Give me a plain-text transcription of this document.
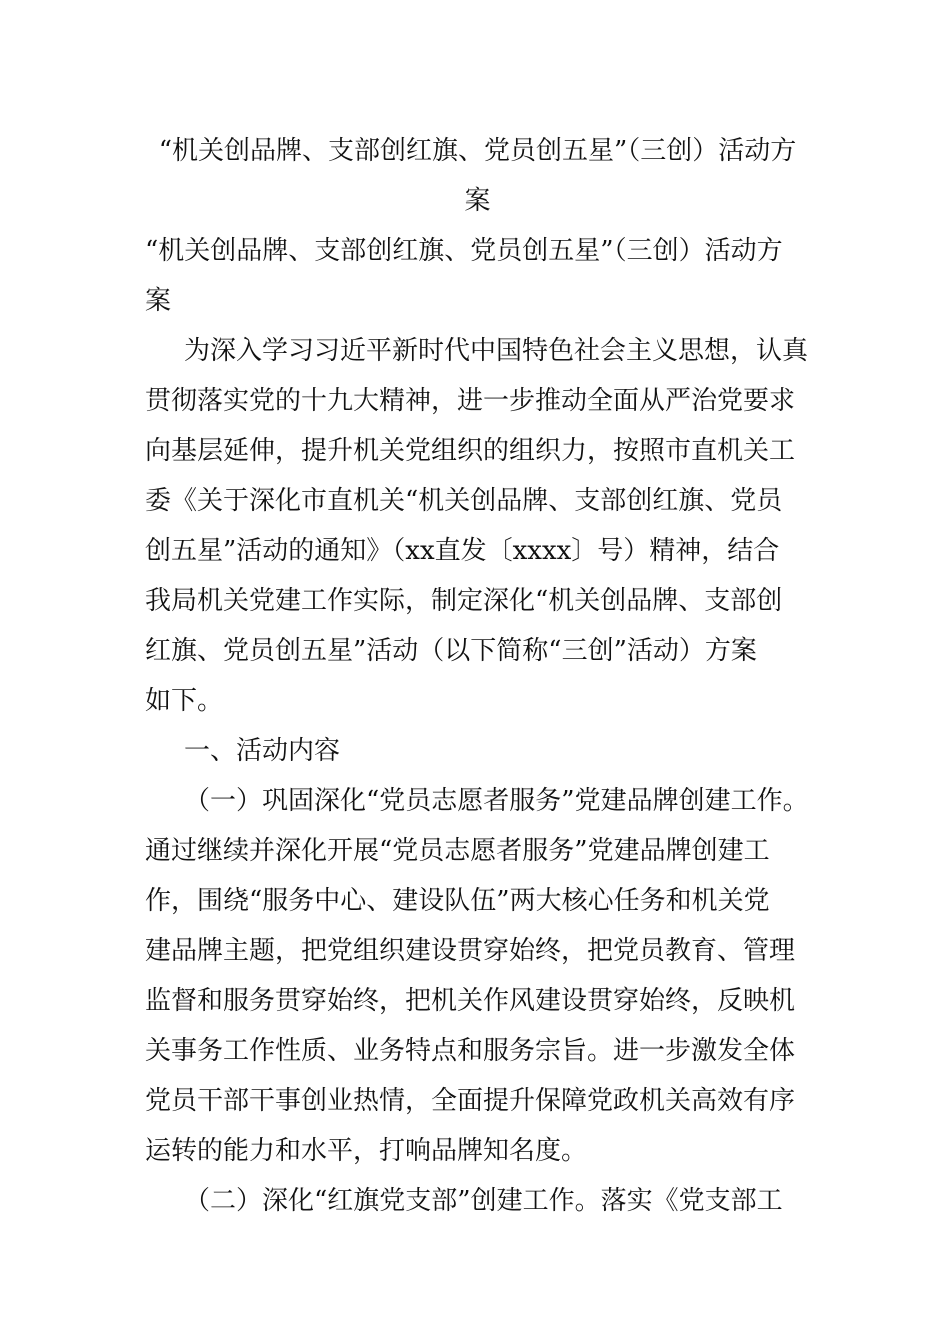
“机关创品牌、支部创红旗、党员创五星”（三创）活动方
案
“机关创品牌、支部创红旗、党员创五星”（三创）活动方
案
为深入学习习近平新时代中国特色社会主义思想，认真
贯彻落实党的十九大精神，进一步推动全面从严治党要求
向基层延伸，提升机关党组织的组织力，按照市直机关工
委《关于深化市直机关“机关创品牌、支部创红旗、党员
创五星”活动的通知》（xx直发〔xxxx〕号）精神，结合
我局机关党建工作实际，制定深化“机关创品牌、支部创
红旗、党员创五星”活动（以下简称“三创”活动）方案
如下。
一、活动内容
（一）巩固深化“党员志愿者服务”党建品牌创建工作。
通过继续并深化开展“党员志愿者服务”党建品牌创建工
作，围绕“服务中心、建设队伍”两大核心任务和机关党
建品牌主题，把党组织建设贯穿始终，把党员教育、管理
监督和服务贯穿始终，把机关作风建设贯穿始终，反映机
关事务工作性质、业务特点和服务宗旨。进一步激发全体
党员干部干事创业热情，全面提升保障党政机关高效有序
运转的能力和水平，打响品牌知名度。
（二）深化“红旗党支部”创建工作。落实《党支部工
